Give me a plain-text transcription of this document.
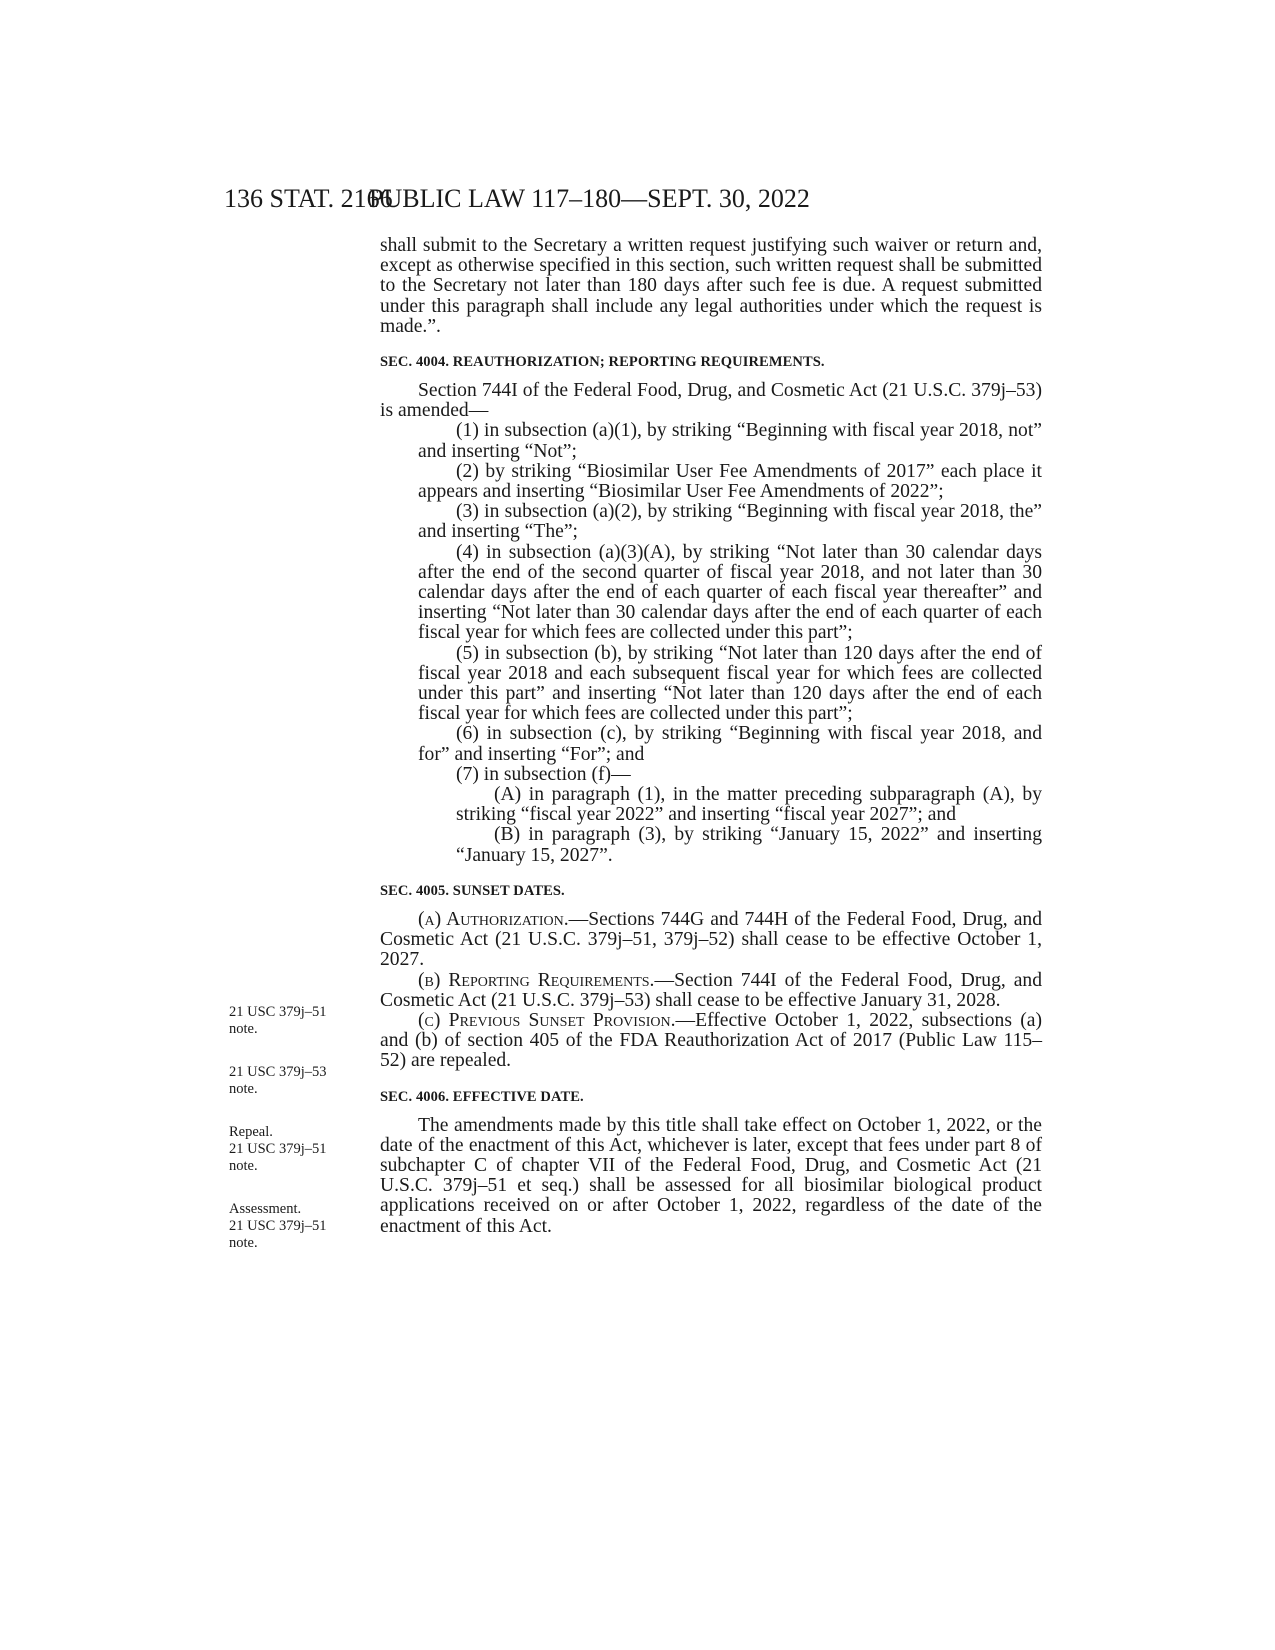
136 STAT. 2166
PUBLIC LAW 117–180—SEPT. 30, 2022

shall submit to the Secretary a written request justifying such waiver or return and, except as otherwise specified in this section, such written request shall be submitted to the Secretary not later than 180 days after such fee is due. A request submitted under this paragraph shall include any legal authorities under which the request is made.”.

SEC. 4004. REAUTHORIZATION; REPORTING REQUIREMENTS.

Section 744I of the Federal Food, Drug, and Cosmetic Act (21 U.S.C. 379j–53) is amended—

(1) in subsection (a)(1), by striking “Beginning with fiscal year 2018, not” and inserting “Not”;

(2) by striking “Biosimilar User Fee Amendments of 2017” each place it appears and inserting “Biosimilar User Fee Amendments of 2022”;

(3) in subsection (a)(2), by striking “Beginning with fiscal year 2018, the” and inserting “The”;

(4) in subsection (a)(3)(A), by striking “Not later than 30 calendar days after the end of the second quarter of fiscal year 2018, and not later than 30 calendar days after the end of each quarter of each fiscal year thereafter” and inserting “Not later than 30 calendar days after the end of each quarter of each fiscal year for which fees are collected under this part”;

(5) in subsection (b), by striking “Not later than 120 days after the end of fiscal year 2018 and each subsequent fiscal year for which fees are collected under this part” and inserting “Not later than 120 days after the end of each fiscal year for which fees are collected under this part”;

(6) in subsection (c), by striking “Beginning with fiscal year 2018, and for” and inserting “For”; and

(7) in subsection (f)—

(A) in paragraph (1), in the matter preceding subparagraph (A), by striking “fiscal year 2022” and inserting “fiscal year 2027”; and

(B) in paragraph (3), by striking “January 15, 2022” and inserting “January 15, 2027”.

SEC. 4005. SUNSET DATES.

(a) Authorization.—Sections 744G and 744H of the Federal Food, Drug, and Cosmetic Act (21 U.S.C. 379j–51, 379j–52) shall cease to be effective October 1, 2027.

(b) Reporting Requirements.—Section 744I of the Federal Food, Drug, and Cosmetic Act (21 U.S.C. 379j–53) shall cease to be effective January 31, 2028.

(c) Previous Sunset Provision.—Effective October 1, 2022, subsections (a) and (b) of section 405 of the FDA Reauthorization Act of 2017 (Public Law 115–52) are repealed.

SEC. 4006. EFFECTIVE DATE.

The amendments made by this title shall take effect on October 1, 2022, or the date of the enactment of this Act, whichever is later, except that fees under part 8 of subchapter C of chapter VII of the Federal Food, Drug, and Cosmetic Act (21 U.S.C. 379j–51 et seq.) shall be assessed for all biosimilar biological product applications received on or after October 1, 2022, regardless of the date of the enactment of this Act.

21 USC 379j–51
note.
21 USC 379j–53
note.
Repeal.
21 USC 379j–51
note.
Assessment.
21 USC 379j–51
note.
